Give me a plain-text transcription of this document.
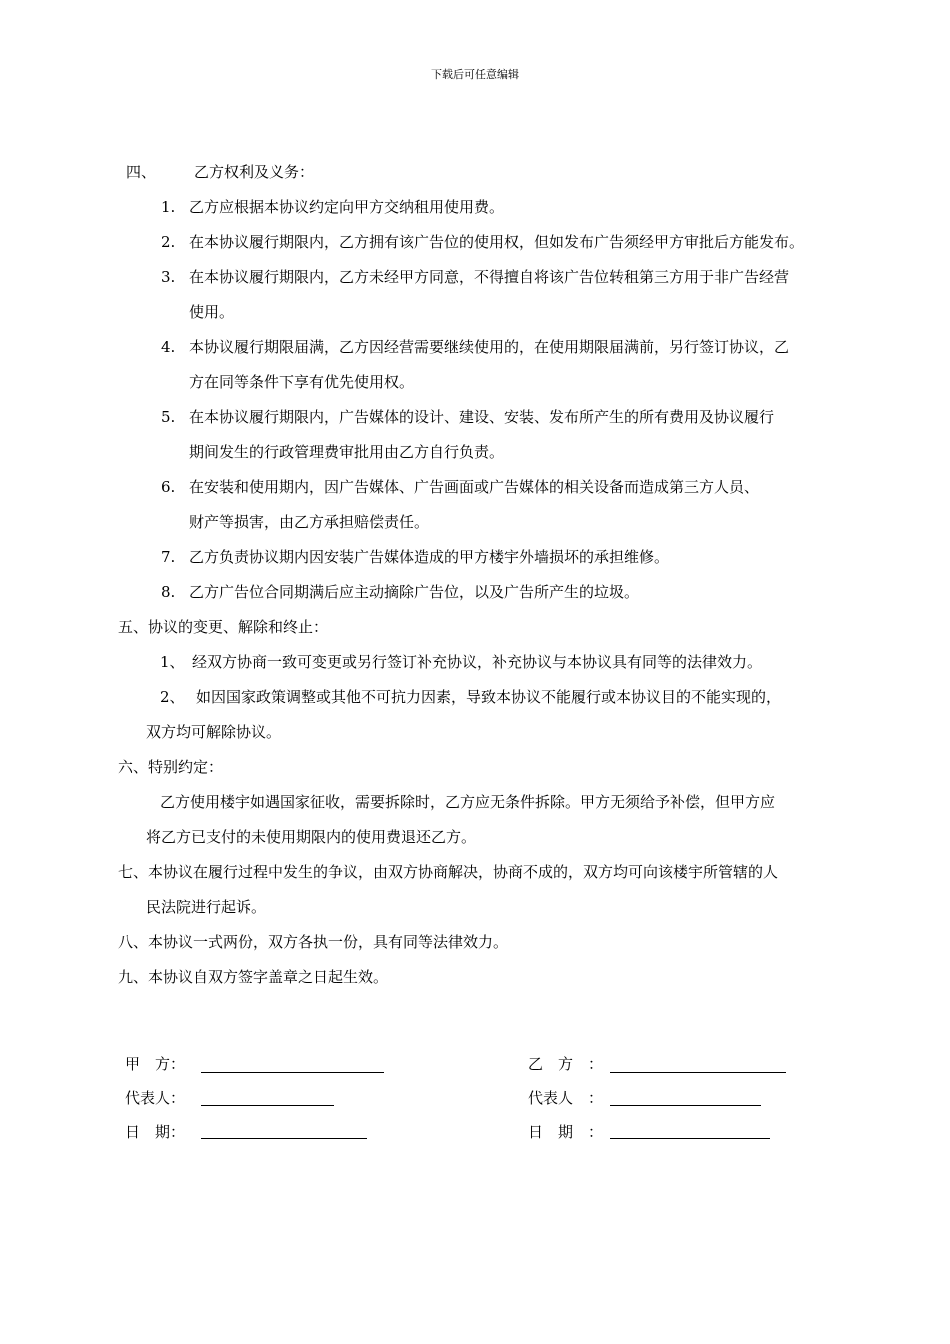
下载后可任意编辑
四、	乙方权利及义务：
1. 乙方应根据本协议约定向甲方交纳租用使用费。
2. 在本协议履行期限内，乙方拥有该广告位的使用权，但如发布广告须经甲方审批后方能发布。
3. 在本协议履行期限内，乙方未经甲方同意，不得擅自将该广告位转租第三方用于非广告经营
使用。
4. 本协议履行期限届满，乙方因经营需要继续使用的，在使用期限届满前，另行签订协议，乙
方在同等条件下享有优先使用权。
5. 在本协议履行期限内，广告媒体的设计、建设、安装、发布所产生的所有费用及协议履行
期间发生的行政管理费审批用由乙方自行负责。
6. 在安装和使用期内，因广告媒体、广告画面或广告媒体的相关设备而造成第三方人员、
财产等损害，由乙方承担赔偿责任。
7. 乙方负责协议期内因安装广告媒体造成的甲方楼宇外墙损坏的承担维修。
8. 乙方广告位合同期满后应主动摘除广告位，以及广告所产生的垃圾。
五、协议的变更、解除和终止：
1、 经双方协商一致可变更或另行签订补充协议，补充协议与本协议具有同等的法律效力。
2、 如因国家政策调整或其他不可抗力因素，导致本协议不能履行或本协议目的不能实现的，
双方均可解除协议。
六、特别约定：
乙方使用楼宇如遇国家征收，需要拆除时，乙方应无条件拆除。甲方无须给予补偿，但甲方应
将乙方已支付的未使用期限内的使用费退还乙方。
七、本协议在履行过程中发生的争议，由双方协商解决，协商不成的，双方均可向该楼宇所管辖的人
民法院进行起诉。
八、本协议一式两份，双方各执一份，具有同等法律效力。
九、本协议自双方签字盖章之日起生效。
甲　方：
代表人：
日　期：
乙　方　：
代表人　：
日　期　：
